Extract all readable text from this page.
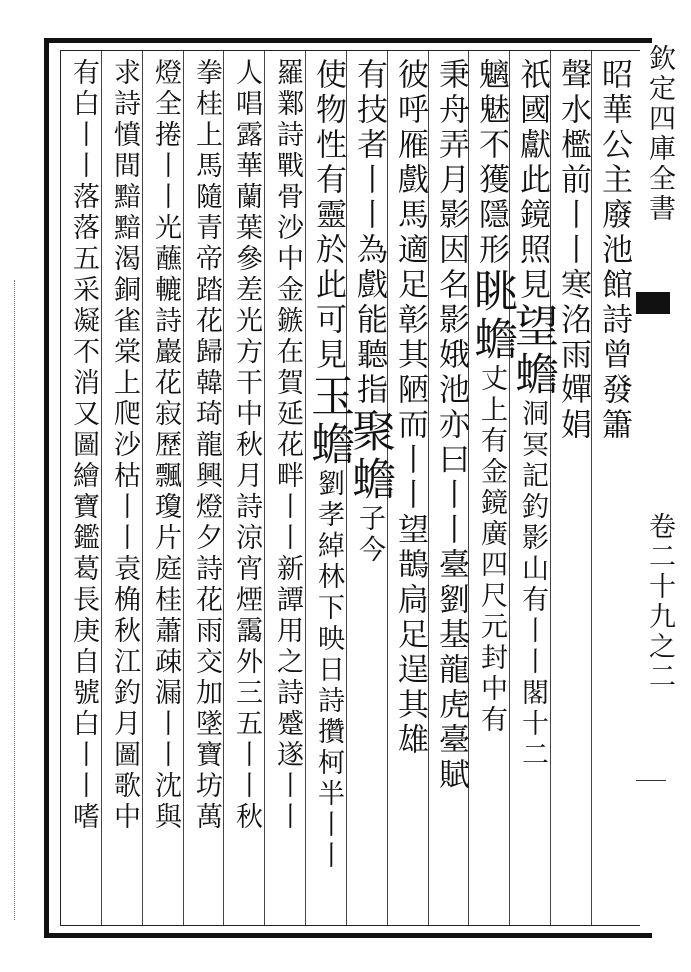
昭華公主廢池館詩曾發簫
聲水檻前丨丨寒洺雨嬋娟
祇國獻此鏡照見望蟾洞冥記釣影山有丨丨閣十二
魑魅不獲隱形眺蟾丈上有金鏡廣四尺元封中有
秉舟弄月影因名影娥池亦曰丨丨臺劉基龍虎臺賦
彼呼雁戲馬適足彰其陋而丨丨望鵲扃足逞其雄
有技者丨丨為戲能聽指聚蟾子今
使物性有靈於此可見玉蟾劉孝綽林下映日詩攢柯半丨丨
羅鄴詩戰骨沙中金鏃在賀延花畔丨丨新譚用之詩蹙遂丨丨
人唱露華蘭葉參差光方干中秋月詩涼宵煙靄外三五丨丨秋
拳桂上馬隨青帝踏花歸韓琦龍興燈夕詩花雨交加墜寶坊萬
燈全捲丨丨光蘸轆詩巖花寂歷飄瓊片庭桂蕭疎漏丨丨沈與
求詩憤間黯黯渴銅雀棠上爬沙枯丨丨袁桷秋江釣月圖歌中
有白丨丨落落五采凝不消又圖繪寶鑑葛長庚自號白丨丨嗜	欽定四庫全書  卷二十九之二
